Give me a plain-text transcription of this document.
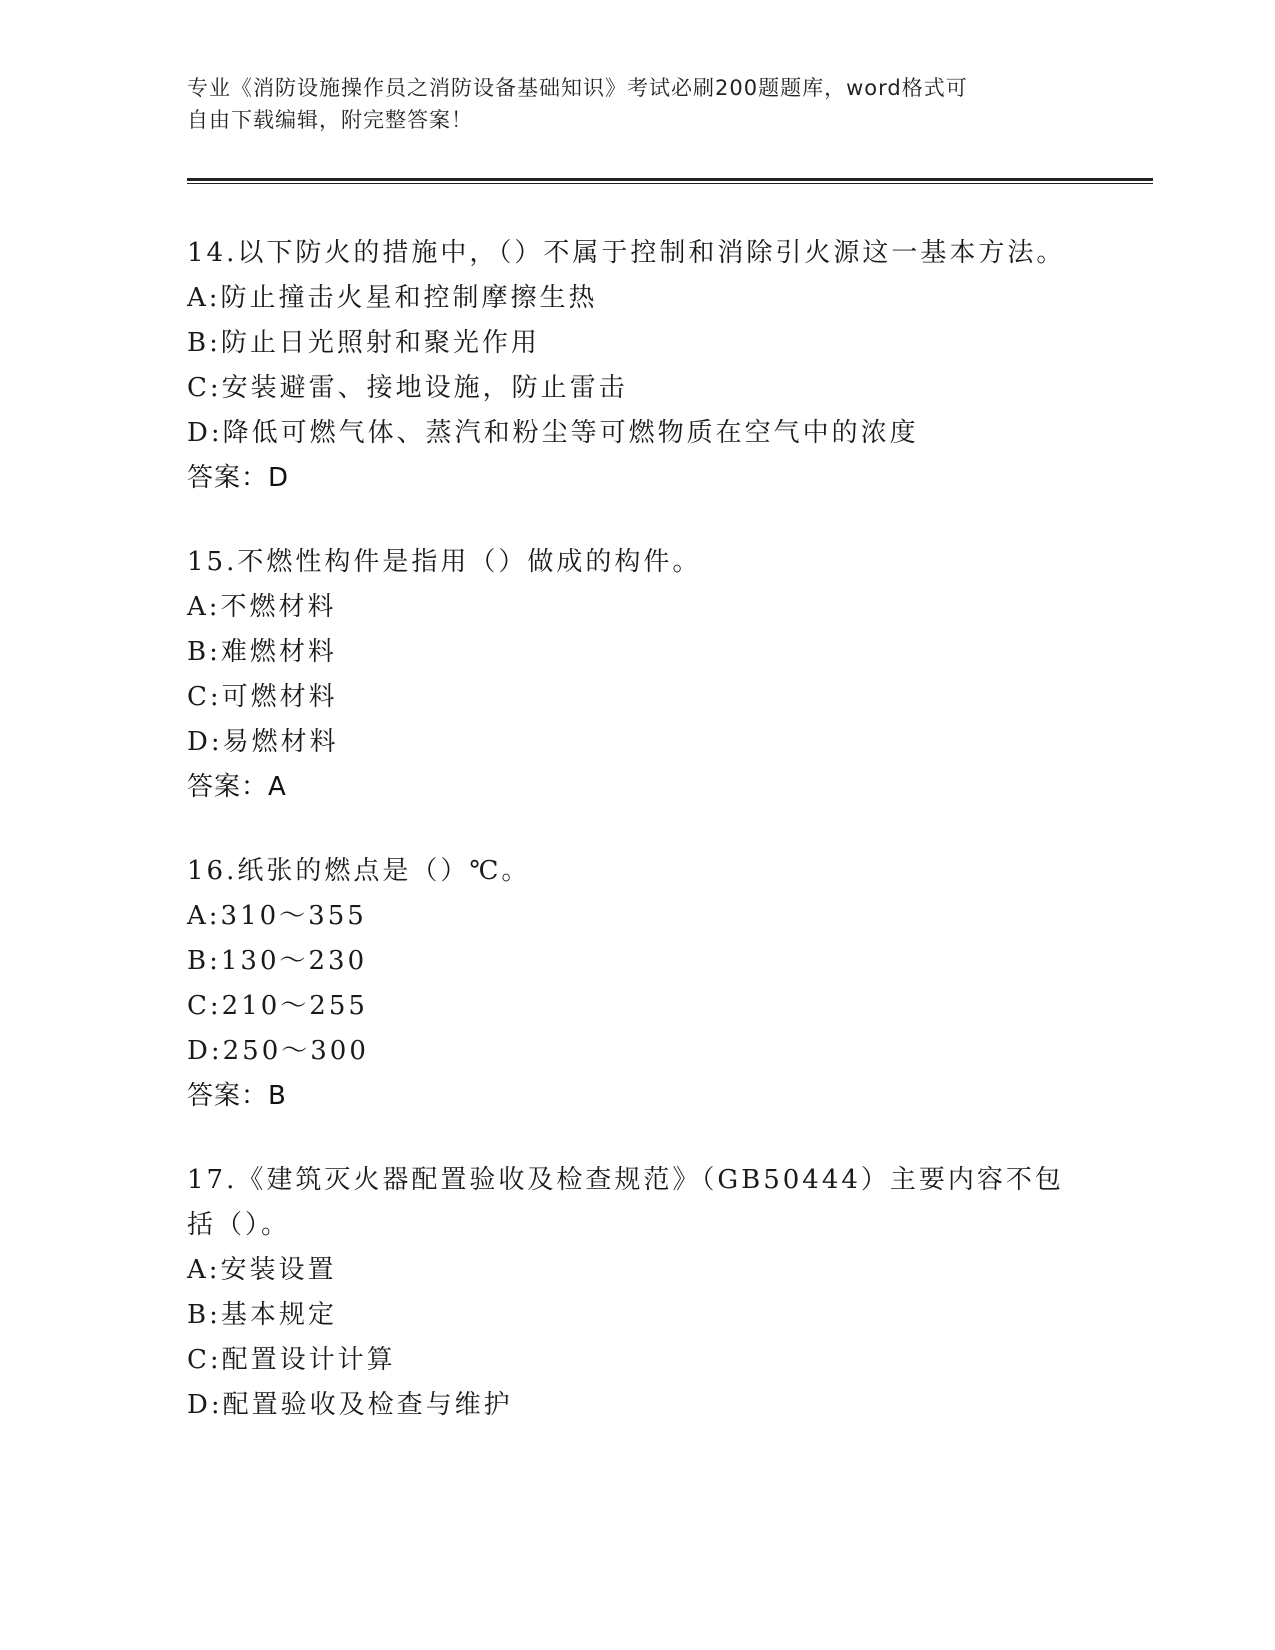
专业《消防设施操作员之消防设备基础知识》考试必刷200题题库，word格式可
自由下载编辑，附完整答案！

14.以下防火的措施中，（）不属于控制和消除引火源这一基本方法。

A:防止撞击火星和控制摩擦生热

B:防止日光照射和聚光作用

C:安装避雷、接地设施，防止雷击

D:降低可燃气体、蒸汽和粉尘等可燃物质在空气中的浓度

答案：D

15.不燃性构件是指用（）做成的构件。

A:不燃材料

B:难燃材料

C:可燃材料

D:易燃材料

答案：A

16.纸张的燃点是（）℃。

A:310～355

B:130～230

C:210～255

D:250～300

答案：B

17.《建筑灭火器配置验收及检查规范》（GB50444）主要内容不包括（）。

A:安装设置

B:基本规定

C:配置设计计算

D:配置验收及检查与维护
